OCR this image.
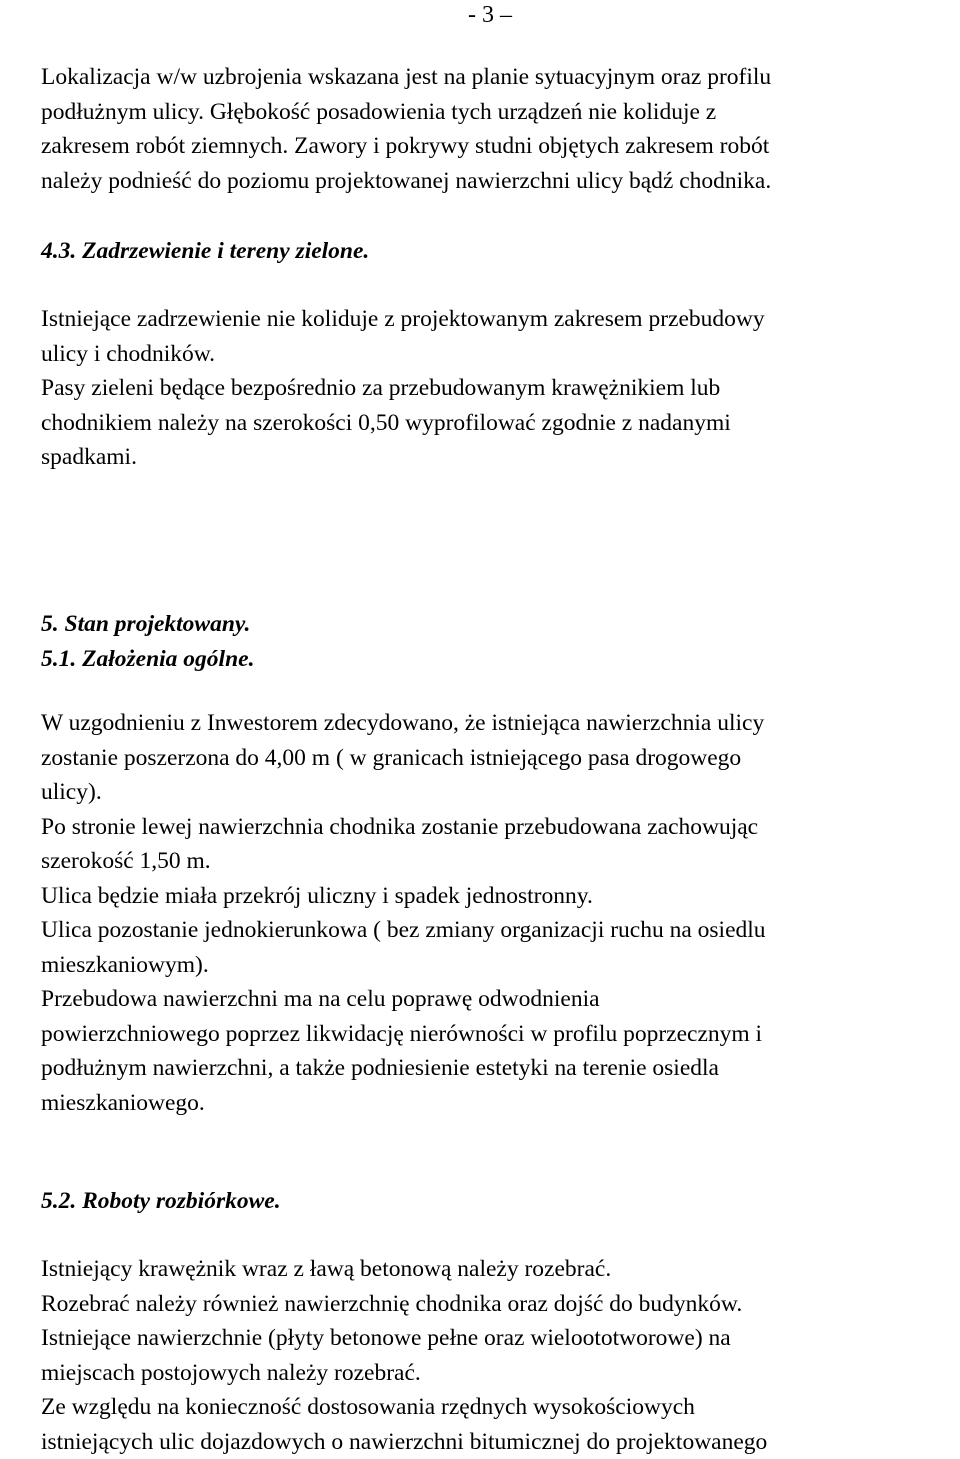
- 3 –

Lokalizacja w/w uzbrojenia wskazana jest na planie sytuacyjnym oraz profilu
podłużnym ulicy. Głębokość posadowienia tych urządzeń nie koliduje z
zakresem robót ziemnych. Zawory i pokrywy studni objętych zakresem robót
należy podnieść do poziomu projektowanej nawierzchni ulicy bądź chodnika.

4.3. Zadrzewienie i tereny zielone.

Istniejące zadrzewienie nie koliduje z projektowanym zakresem przebudowy
ulicy i chodników.
Pasy zieleni będące bezpośrednio za przebudowanym krawężnikiem lub
chodnikiem należy na szerokości 0,50 wyprofilować zgodnie z nadanymi
spadkami.

5. Stan projektowany.

5.1. Założenia ogólne.

W uzgodnieniu z Inwestorem zdecydowano, że istniejąca nawierzchnia ulicy
zostanie poszerzona do 4,00 m ( w granicach istniejącego pasa drogowego
ulicy).
Po stronie lewej nawierzchnia chodnika zostanie przebudowana zachowując
szerokość 1,50 m.
Ulica będzie miała przekrój uliczny i spadek jednostronny.
Ulica pozostanie jednokierunkowa ( bez zmiany organizacji ruchu na osiedlu
mieszkaniowym).
Przebudowa nawierzchni ma na celu poprawę odwodnienia
powierzchniowego poprzez likwidację nierówności w profilu poprzecznym i
podłużnym nawierzchni, a także podniesienie estetyki na terenie osiedla
mieszkaniowego.

5.2. Roboty rozbiórkowe.

Istniejący krawężnik wraz z ławą betonową należy rozebrać.
Rozebrać należy również nawierzchnię chodnika oraz dojść do budynków.
Istniejące nawierzchnie (płyty betonowe pełne oraz wieloototworowe) na
miejscach postojowych należy rozebrać.
Ze względu na konieczność dostosowania rzędnych wysokościowych
istniejących ulic dojazdowych o nawierzchni bitumicznej do projektowanego
